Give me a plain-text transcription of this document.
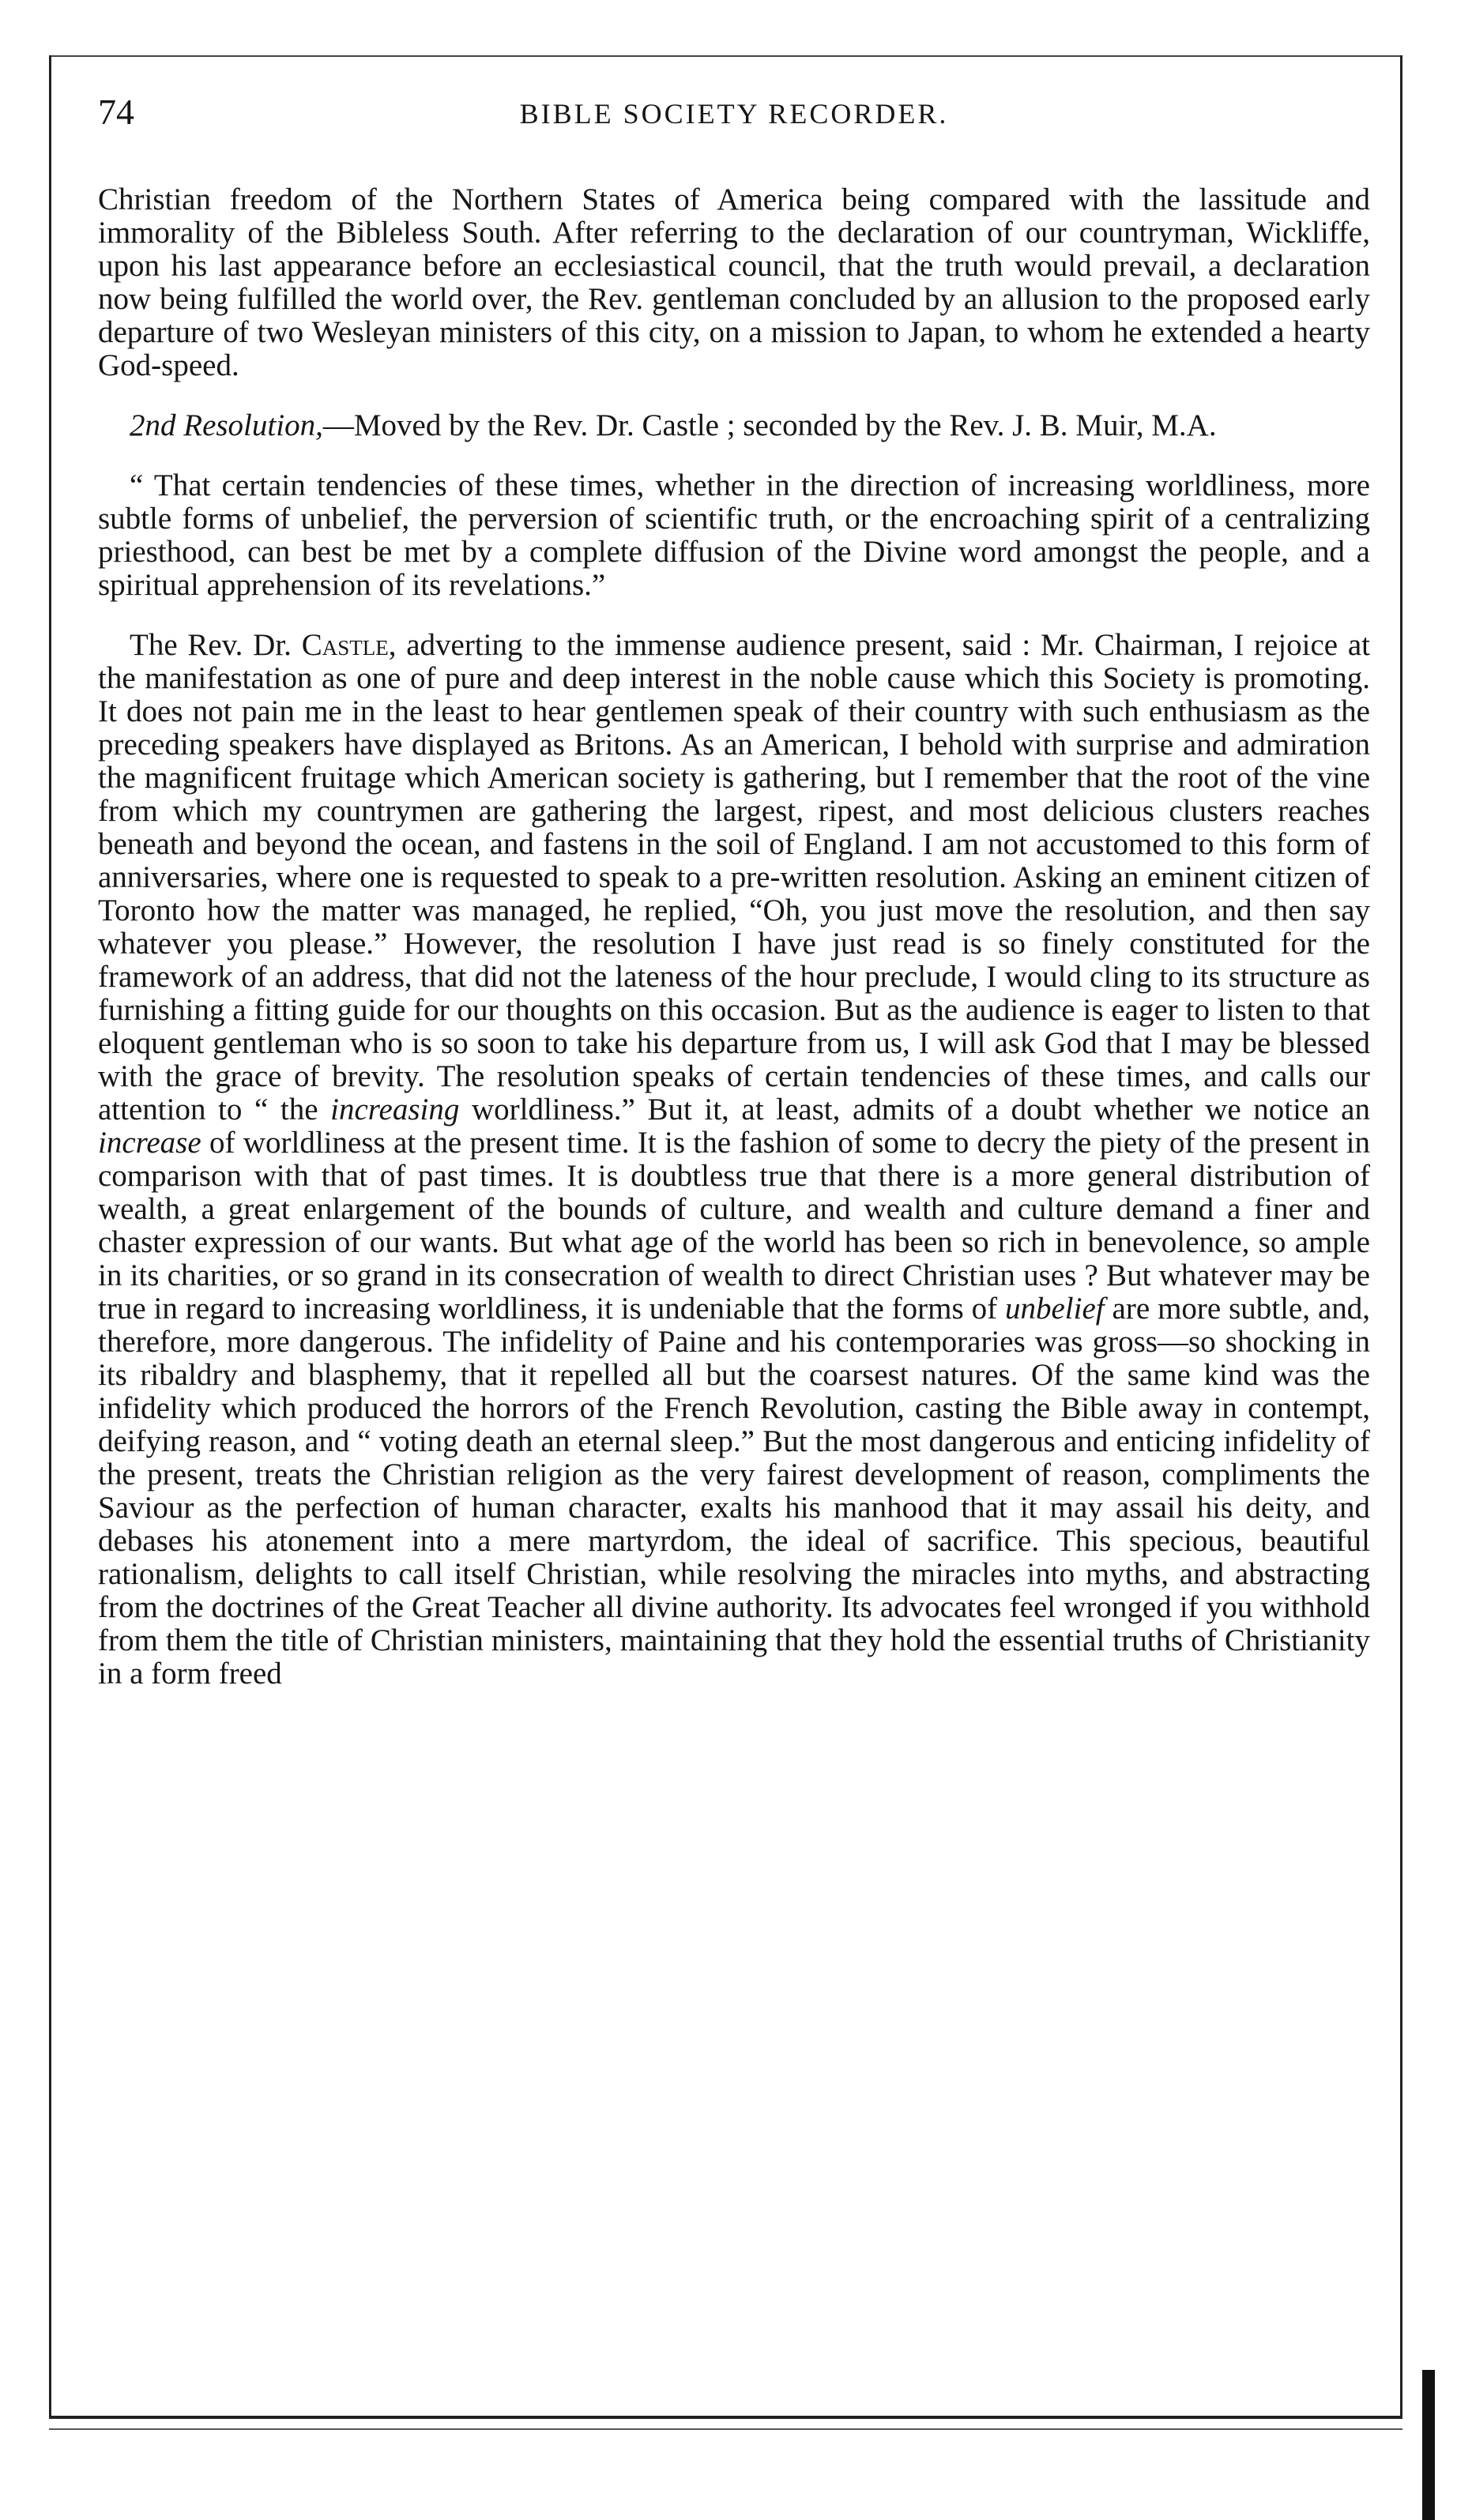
74	BIBLE SOCIETY RECORDER.

Christian freedom of the Northern States of America being compared with the lassitude and immorality of the Bibleless South. After referring to the declaration of our countryman, Wickliffe, upon his last appearance before an ecclesiastical council, that the truth would prevail, a declaration now being fulfilled the world over, the Rev. gentleman concluded by an allusion to the proposed early departure of two Wesleyan ministers of this city, on a mission to Japan, to whom he extended a hearty God-speed.

2nd Resolution,—Moved by the Rev. Dr. Castle ; seconded by the Rev. J. B. Muir, M.A.

“ That certain tendencies of these times, whether in the direction of increasing worldliness, more subtle forms of unbelief, the perversion of scientific truth, or the encroaching spirit of a centralizing priesthood, can best be met by a complete diffusion of the Divine word amongst the people, and a spiritual apprehension of its revelations.”

The Rev. Dr. Castle, adverting to the immense audience present, said : Mr. Chairman, I rejoice at the manifestation as one of pure and deep interest in the noble cause which this Society is promoting. It does not pain me in the least to hear gentlemen speak of their country with such enthusiasm as the preceding speakers have displayed as Britons. As an American, I behold with surprise and admiration the magnificent fruitage which American society is gathering, but I remember that the root of the vine from which my countrymen are gathering the largest, ripest, and most delicious clusters reaches beneath and beyond the ocean, and fastens in the soil of England. I am not accustomed to this form of anniversaries, where one is requested to speak to a pre-written resolution. Asking an eminent citizen of Toronto how the matter was managed, he replied, “Oh, you just move the resolution, and then say whatever you please.” However, the resolution I have just read is so finely constituted for the framework of an address, that did not the lateness of the hour preclude, I would cling to its structure as furnishing a fitting guide for our thoughts on this occasion. But as the audience is eager to listen to that eloquent gentleman who is so soon to take his departure from us, I will ask God that I may be blessed with the grace of brevity. The resolution speaks of certain tendencies of these times, and calls our attention to “ the increasing worldliness.” But it, at least, admits of a doubt whether we notice an increase of worldliness at the present time. It is the fashion of some to decry the piety of the present in comparison with that of past times. It is doubtless true that there is a more general distribution of wealth, a great enlargement of the bounds of culture, and wealth and culture demand a finer and chaster expression of our wants. But what age of the world has been so rich in benevolence, so ample in its charities, or so grand in its consecration of wealth to direct Christian uses ? But whatever may be true in regard to increasing worldliness, it is undeniable that the forms of unbelief are more subtle, and, therefore, more dangerous. The infidelity of Paine and his contemporaries was gross—so shocking in its ribaldry and blasphemy, that it repelled all but the coarsest natures. Of the same kind was the infidelity which produced the horrors of the French Revolution, casting the Bible away in contempt, deifying reason, and “ voting death an eternal sleep.” But the most dangerous and enticing infidelity of the present, treats the Christian religion as the very fairest development of reason, compliments the Saviour as the perfection of human character, exalts his manhood that it may assail his deity, and debases his atonement into a mere martyrdom, the ideal of sacrifice. This specious, beautiful rationalism, delights to call itself Christian, while resolving the miracles into myths, and abstracting from the doctrines of the Great Teacher all divine authority. Its advocates feel wronged if you withhold from them the title of Christian ministers, maintaining that they hold the essential truths of Christianity in a form freed
